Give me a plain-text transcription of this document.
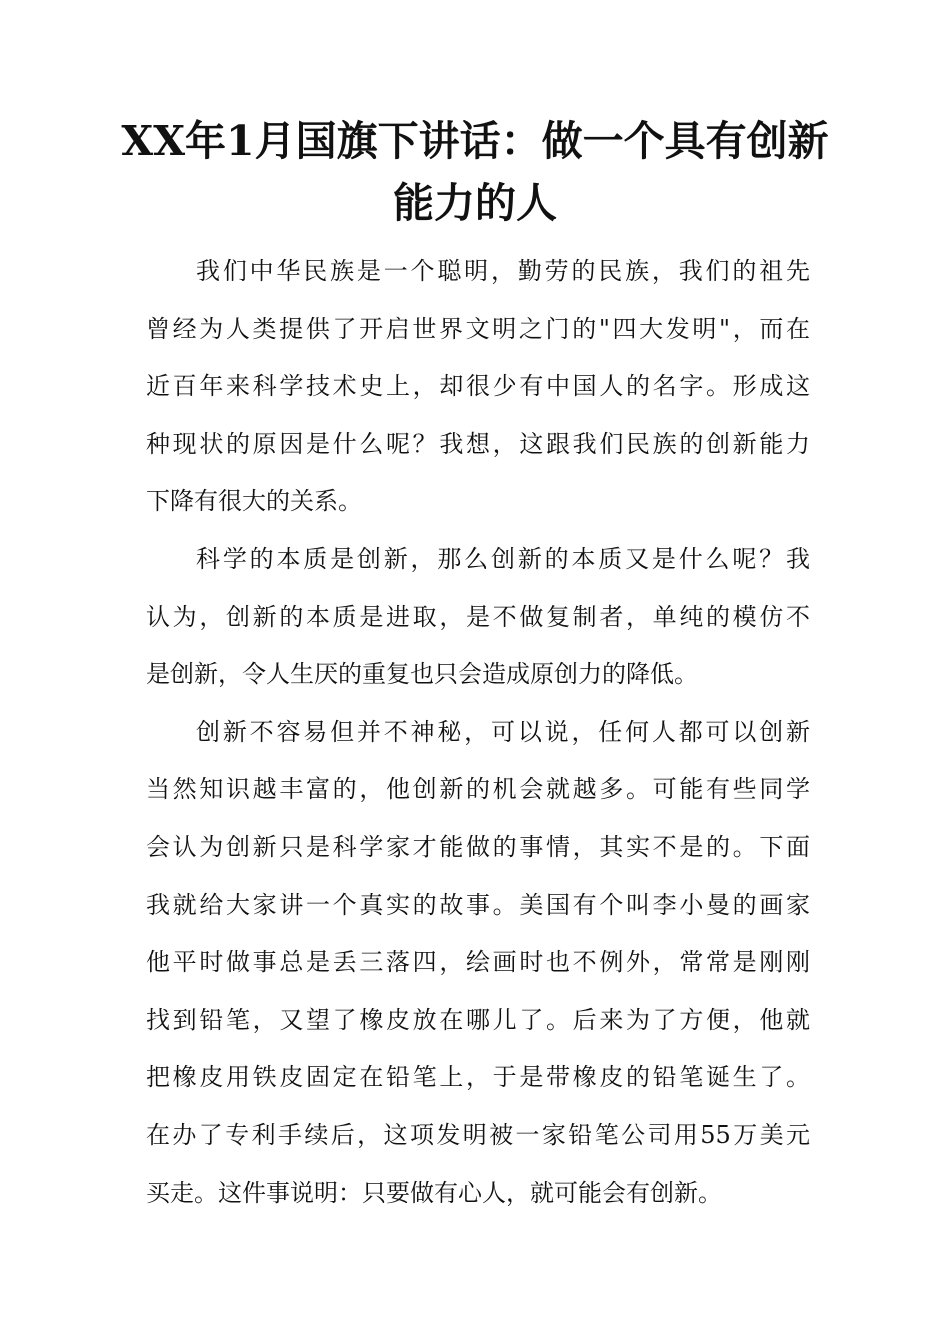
XX年1月国旗下讲话：做一个具有创新
能力的人

我们中华民族是一个聪明，勤劳的民族，我们的祖先
曾经为人类提供了开启世界文明之门的"四大发明"，而在
近百年来科学技术史上，却很少有中国人的名字。形成这
种现状的原因是什么呢？我想，这跟我们民族的创新能力
下降有很大的关系。

科学的本质是创新，那么创新的本质又是什么呢？我
认为，创新的本质是进取，是不做复制者，单纯的模仿不
是创新，令人生厌的重复也只会造成原创力的降低。

创新不容易但并不神秘，可以说，任何人都可以创新
当然知识越丰富的，他创新的机会就越多。可能有些同学
会认为创新只是科学家才能做的事情，其实不是的。下面
我就给大家讲一个真实的故事。美国有个叫李小曼的画家
他平时做事总是丢三落四，绘画时也不例外，常常是刚刚
找到铅笔，又望了橡皮放在哪儿了。后来为了方便，他就
把橡皮用铁皮固定在铅笔上，于是带橡皮的铅笔诞生了。
在办了专利手续后，这项发明被一家铅笔公司用55万美元
买走。这件事说明：只要做有心人，就可能会有创新。
